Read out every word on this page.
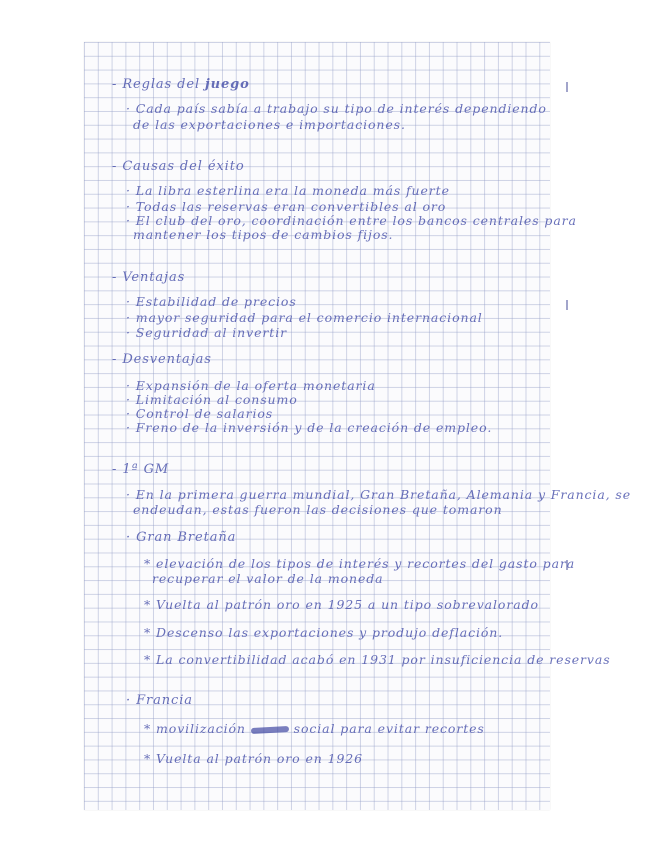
- Reglas del juego
· Cada país sabía a trabajo su tipo de interés dependiendo
de las exportaciones e importaciones.
- Causas del éxito
· La libra esterlina era la moneda más fuerte
· Todas las reservas eran convertibles al oro
· El club del oro, coordinación entre los bancos centrales para
mantener los tipos de cambios fijos.
- Ventajas
· Estabilidad de precios
· mayor seguridad para el comercio internacional
· Seguridad al invertir
- Desventajas
· Expansión de la oferta monetaria
· Limitación al consumo
· Control de salarios
· Freno de la inversión y de la creación de empleo.
- 1ª GM
· En la primera guerra mundial, Gran Bretaña, Alemania y Francia, se
endeudan, estas fueron las decisiones que tomaron
· Gran Bretaña
* elevación de los tipos de interés y recortes del gasto para
recuperar el valor de la moneda
* Vuelta al patrón oro en 1925 a un tipo sobrevalorado
* Descenso las exportaciones y produjo deflación.
* La convertibilidad acabó en 1931 por insuficiencia de reservas
· Francia
* movilización	social para evitar recortes
* Vuelta al patrón oro en 1926
